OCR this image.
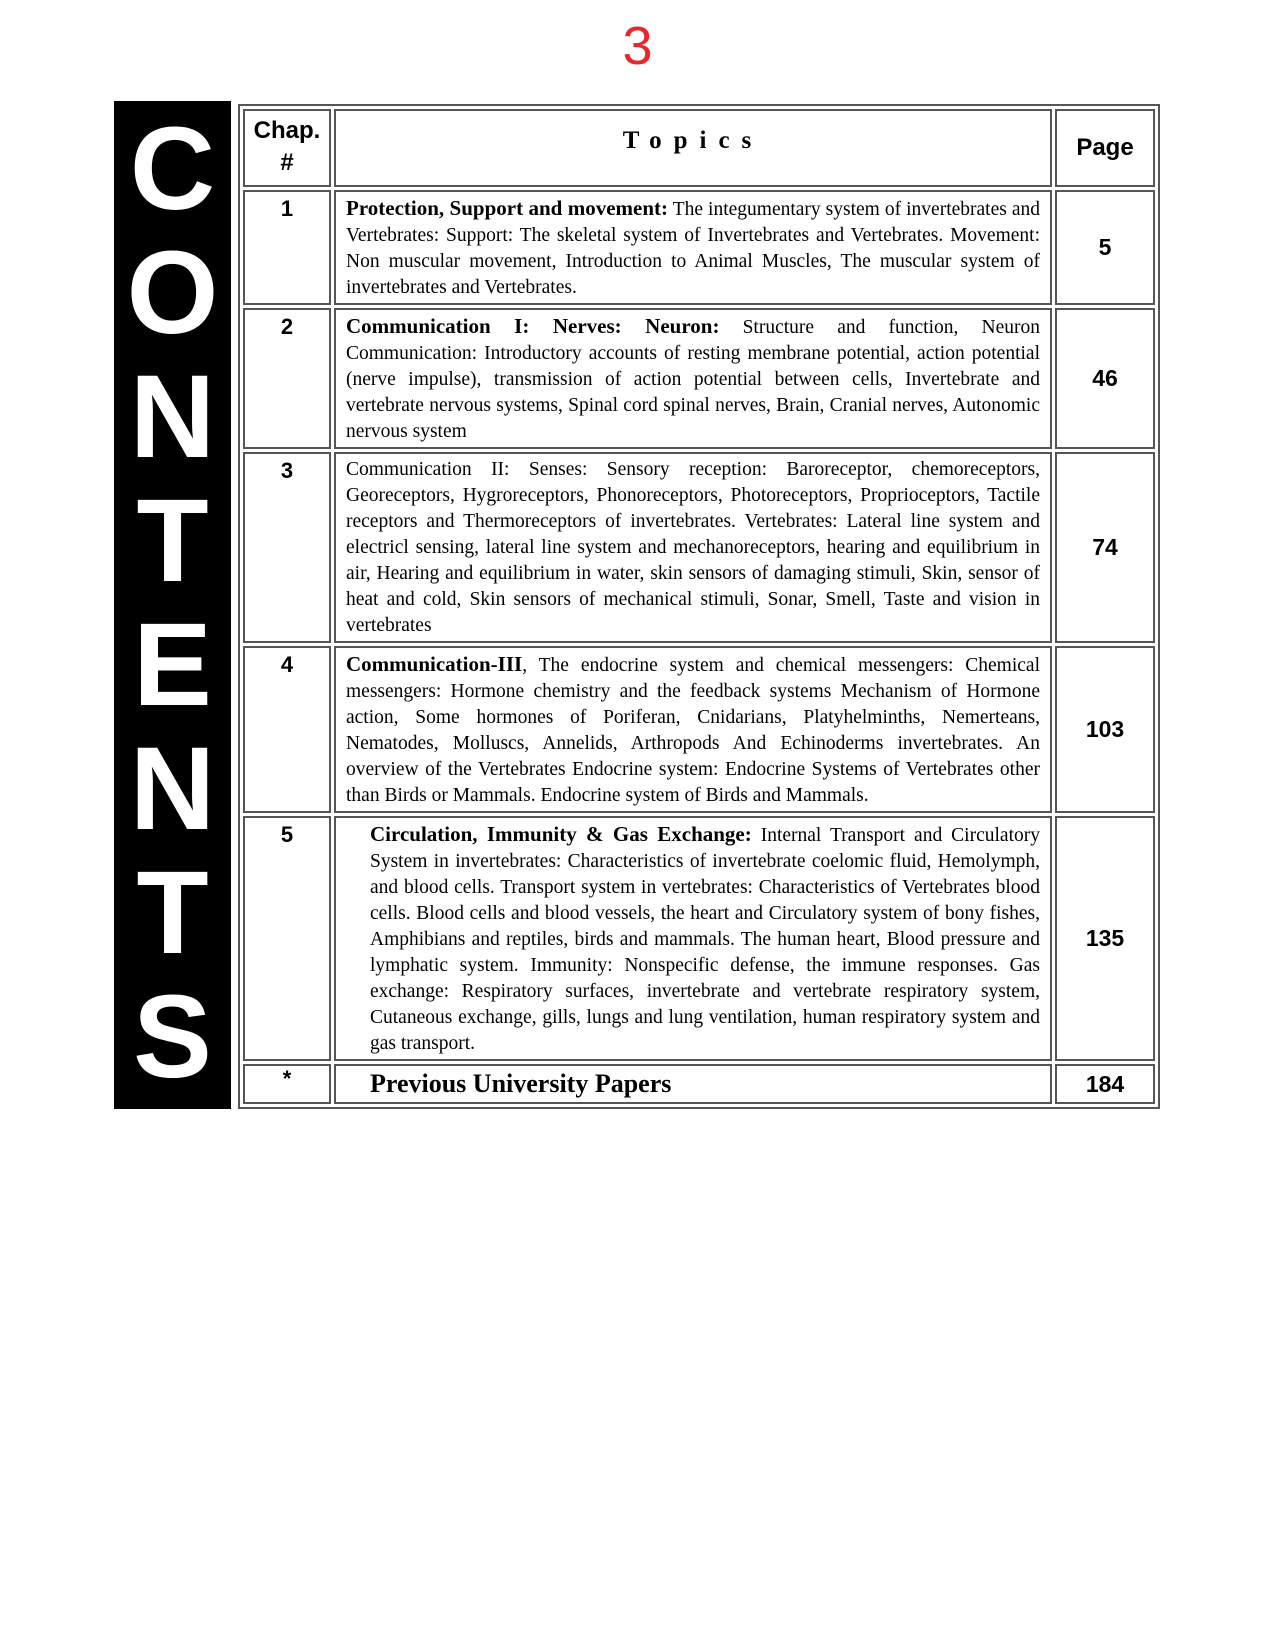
3
C
O
N
T
E
N
T
S
Chap. #	Topics	Page
1	Protection, Support and movement: The integumentary system of invertebrates and Vertebrates: Support: The skeletal system of Invertebrates and Vertebrates. Movement: Non muscular movement, Introduction to Animal Muscles, The muscular system of invertebrates and Vertebrates.	5
2	Communication I: Nerves: Neuron: Structure and function, Neuron Communication: Introductory accounts of resting membrane potential, action potential (nerve impulse), transmission of action potential between cells, Invertebrate and vertebrate nervous systems, Spinal cord spinal nerves, Brain, Cranial nerves, Autonomic nervous system	46
3	Communication II: Senses: Sensory reception: Baroreceptor, chemoreceptors, Georeceptors, Hygroreceptors, Phonoreceptors, Photoreceptors, Proprioceptors, Tactile receptors and Thermoreceptors of invertebrates. Vertebrates: Lateral line system and electricl sensing, lateral line system and mechanoreceptors, hearing and equilibrium in air, Hearing and equilibrium in water, skin sensors of damaging stimuli, Skin, sensor of heat and cold, Skin sensors of mechanical stimuli, Sonar, Smell, Taste and vision in vertebrates	74
4	Communication-III, The endocrine system and chemical messengers: Chemical messengers: Hormone chemistry and the feedback systems Mechanism of Hormone action, Some hormones of Poriferan, Cnidarians, Platyhelminths, Nemerteans, Nematodes, Molluscs, Annelids, Arthropods And Echinoderms invertebrates. An overview of the Vertebrates Endocrine system: Endocrine Systems of Vertebrates other than Birds or Mammals. Endocrine system of Birds and Mammals.	103
5	Circulation, Immunity & Gas Exchange: Internal Transport and Circulatory System in invertebrates: Characteristics of invertebrate coelomic fluid, Hemolymph, and blood cells. Transport system in vertebrates: Characteristics of Vertebrates blood cells. Blood cells and blood vessels, the heart and Circulatory system of bony fishes, Amphibians and reptiles, birds and mammals. The human heart, Blood pressure and lymphatic system. Immunity: Nonspecific defense, the immune responses. Gas exchange: Respiratory surfaces, invertebrate and vertebrate respiratory system, Cutaneous exchange, gills, lungs and lung ventilation, human respiratory system and gas transport.	135
*	Previous University Papers	184
